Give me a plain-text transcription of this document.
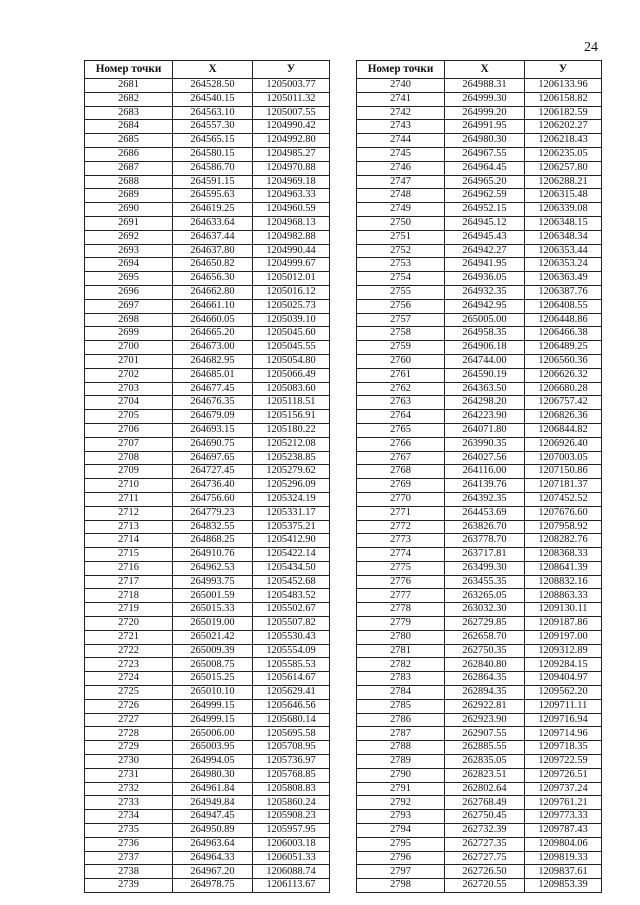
24
Номер точки	X	У
2681	264528.50	1205003.77
2682	264540.15	1205011.32
2683	264563.10	1205007.55
2684	264557.30	1204990.42
2685	264565.15	1204992.80
2686	264580.15	1204985.27
2687	264586.70	1204970.88
2688	264591.15	1204969.18
2689	264595.63	1204963.33
2690	264619.25	1204960.59
2691	264633.64	1204968.13
2692	264637.44	1204982.88
2693	264637.80	1204990.44
2694	264650.82	1204999.67
2695	264656.30	1205012.01
2696	264662.80	1205016.12
2697	264661.10	1205025.73
2698	264660.05	1205039.10
2699	264665.20	1205045.60
2700	264673.00	1205045.55
2701	264682.95	1205054.80
2702	264685.01	1205066.49
2703	264677.45	1205083.60
2704	264676.35	1205118.51
2705	264679.09	1205156.91
2706	264693.15	1205180.22
2707	264690.75	1205212.08
2708	264697.65	1205238.85
2709	264727.45	1205279.62
2710	264736.40	1205296.09
2711	264756.60	1205324.19
2712	264779.23	1205331.17
2713	264832.55	1205375.21
2714	264868.25	1205412.90
2715	264910.76	1205422.14
2716	264962.53	1205434.50
2717	264993.75	1205452.68
2718	265001.59	1205483.52
2719	265015.33	1205502.67
2720	265019.00	1205507.82
2721	265021.42	1205530.43
2722	265009.39	1205554.09
2723	265008.75	1205585.53
2724	265015.25	1205614.67
2725	265010.10	1205629.41
2726	264999.15	1205646.56
2727	264999.15	1205680.14
2728	265006.00	1205695.58
2729	265003.95	1205708.95
2730	264994.05	1205736.97
2731	264980.30	1205768.85
2732	264961.84	1205808.83
2733	264949.84	1205860.24
2734	264947.45	1205908.23
2735	264950.89	1205957.95
2736	264963.64	1206003.18
2737	264964.33	1206051.33
2738	264967.20	1206088.74
2739	264978.75	1206113.67
Номер точки	X	У
2740	264988.31	1206133.96
2741	264999.30	1206158.82
2742	264999.20	1206182.59
2743	264991.95	1206202.27
2744	264980.30	1206218.43
2745	264967.55	1206235.05
2746	264964.45	1206257.80
2747	264965.20	1206288.21
2748	264962.59	1206315.48
2749	264952.15	1206339.08
2750	264945.12	1206348.15
2751	264945.43	1206348.34
2752	264942.27	1206353.44
2753	264941.95	1206353.24
2754	264936.05	1206363.49
2755	264932.35	1206387.76
2756	264942.95	1206408.55
2757	265005.00	1206448.86
2758	264958.35	1206466.38
2759	264906.18	1206489.25
2760	264744.00	1206560.36
2761	264590.19	1206626.32
2762	264363.50	1206680.28
2763	264298.20	1206757.42
2764	264223.90	1206826.36
2765	264071.80	1206844.82
2766	263990.35	1206926.40
2767	264027.56	1207003.05
2768	264116.00	1207150.86
2769	264139.76	1207181.37
2770	264392.35	1207452.52
2771	264453.69	1207676.60
2772	263826.70	1207958.92
2773	263778.70	1208282.76
2774	263717.81	1208368.33
2775	263499.30	1208641.39
2776	263455.35	1208832.16
2777	263265.05	1208863.33
2778	263032.30	1209130.11
2779	262729.85	1209187.86
2780	262658.70	1209197.00
2781	262750.35	1209312.89
2782	262840.80	1209284.15
2783	262864.35	1209404.97
2784	262894.35	1209562.20
2785	262922.81	1209711.11
2786	262923.90	1209716.94
2787	262907.55	1209714.96
2788	262885.55	1209718.35
2789	262835.05	1209722.59
2790	262823.51	1209726.51
2791	262802.64	1209737.24
2792	262768.49	1209761.21
2793	262750.45	1209773.33
2794	262732.39	1209787.43
2795	262727.35	1209804.06
2796	262727.75	1209819.33
2797	262726.50	1209837.61
2798	262720.55	1209853.39
